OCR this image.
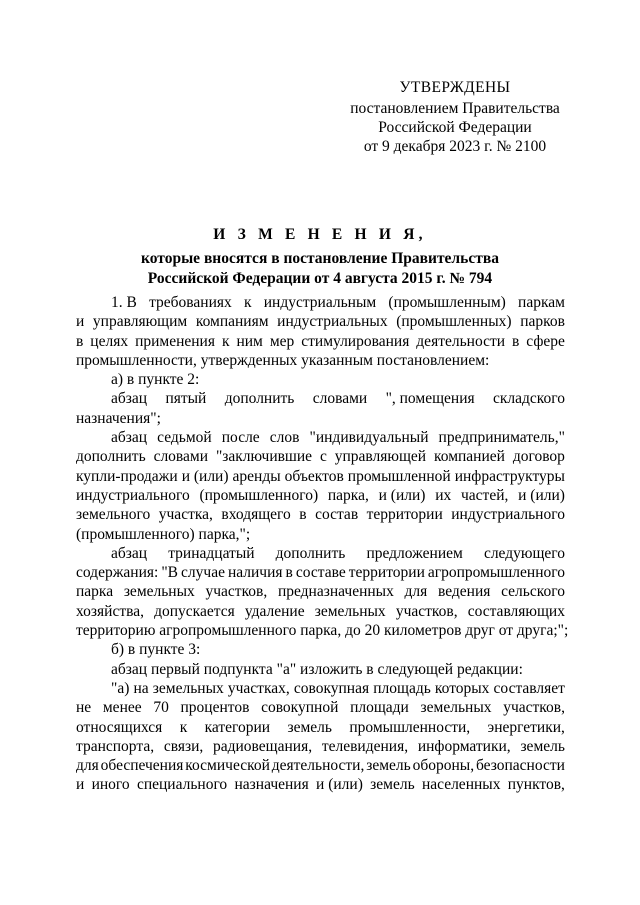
УТВЕРЖДЕНЫ
постановлением Правительства
Российской Федерации
от 9 декабря 2023 г. № 2100
И З М Е Н Е Н И Я,
которые вносятся в постановление Правительства
Российской Федерации от 4 августа 2015 г. № 794
1. В требованиях к индустриальным (промышленным) паркам
и управляющим компаниям индустриальных (промышленных) парков
в целях применения к ним мер стимулирования деятельности в сфере
промышленности, утвержденных указанным постановлением:
а) в пункте 2:
абзац пятый дополнить словами ", помещения складского
назначения";
абзац седьмой после слов "индивидуальный предприниматель,"
дополнить словами "заключившие с управляющей компанией договор
купли-продажи и (или) аренды объектов промышленной инфраструктуры
индустриального (промышленного) парка, и (или) их частей, и (или)
земельного участка, входящего в состав территории индустриального
(промышленного) парка,";
абзац тринадцатый дополнить предложением следующего
содержания: "В случае наличия в составе территории агропромышленного
парка земельных участков, предназначенных для ведения сельского
хозяйства, допускается удаление земельных участков, составляющих
территорию агропромышленного парка, до 20 километров друг от друга;";
б) в пункте 3:
абзац первый подпункта "а" изложить в следующей редакции:
"а) на земельных участках, совокупная площадь которых составляет
не менее 70 процентов совокупной площади земельных участков,
относящихся к категории земель промышленности, энергетики,
транспорта, связи, радиовещания, телевидения, информатики, земель
для обеспечения космической деятельности, земель обороны, безопасности
и иного специального назначения и (или) земель населенных пунктов,
